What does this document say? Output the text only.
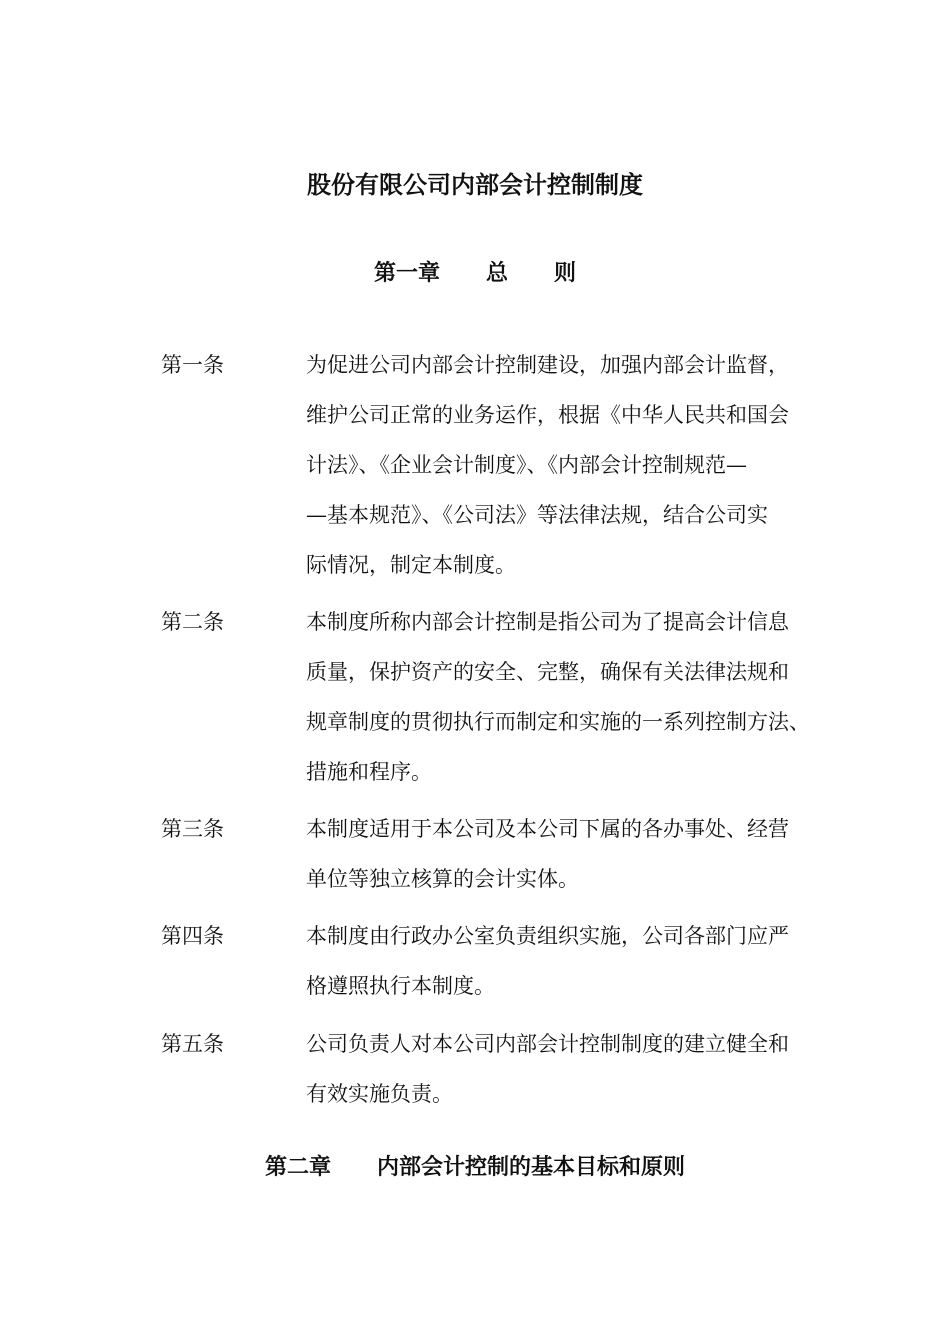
股份有限公司内部会计控制制度
第一章      总      则
第一条	为促进公司内部会计控制建设，加强内部会计监督，
维护公司正常的业务运作，根据《中华人民共和国会
计法》、《企业会计制度》、《内部会计控制规范—
—基本规范》、《公司法》等法律法规，结合公司实
际情况，制定本制度。

第二条	本制度所称内部会计控制是指公司为了提高会计信息
质量，保护资产的安全、完整，确保有关法律法规和
规章制度的贯彻执行而制定和实施的一系列控制方法、
措施和程序。

第三条	本制度适用于本公司及本公司下属的各办事处、经营
单位等独立核算的会计实体。

第四条	本制度由行政办公室负责组织实施，公司各部门应严
格遵照执行本制度。

第五条	公司负责人对本公司内部会计控制制度的建立健全和
有效实施负责。

第二章      内部会计控制的基本目标和原则
